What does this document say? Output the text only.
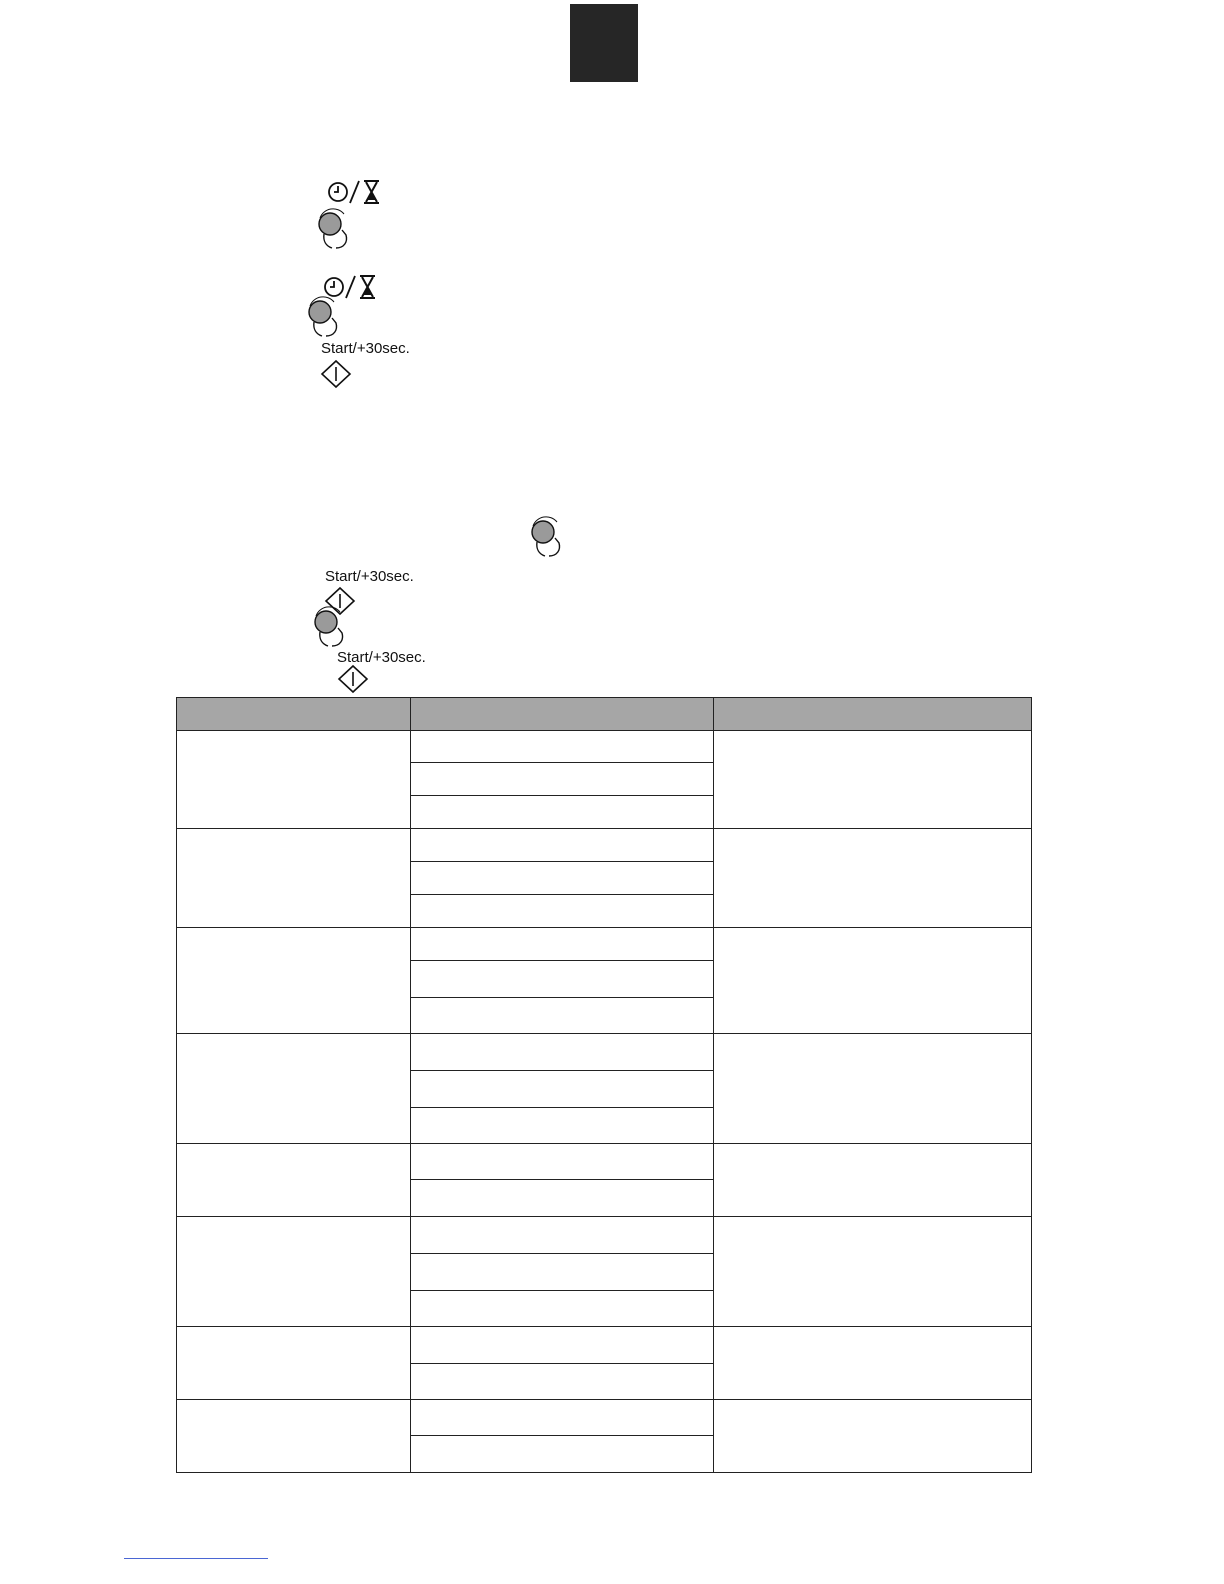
Start/+30sec.
Start/+30sec.
Start/+30sec.
